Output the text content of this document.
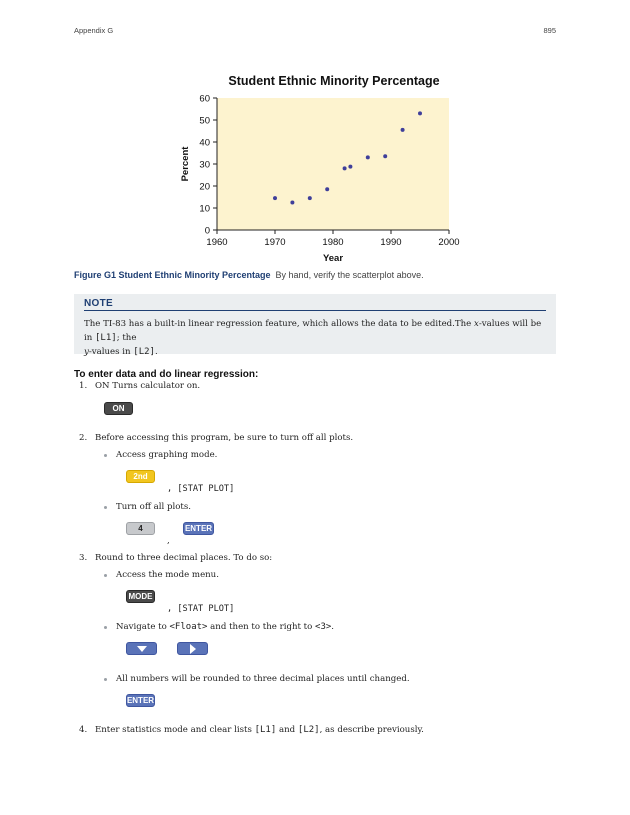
Appendix G	895
Student Ethnic Minority Percentage
1960	1970	1980	1990	2000
0
10
20
30
40
50
60
Year
Percent
Figure G1 Student Ethnic Minority Percentage By hand, verify the scatterplot above.
NOTE
The TI-83 has a built-in linear regression feature, which allows the data to be edited.The x-values will be in [L1]; the
y-values in [L2].
To enter data and do linear regression:
1. ON Turns calculator on.
ON
2. Before accessing this program, be sure to turn off all plots.
Access graphing mode.
2nd
, [STAT PLOT]
Turn off all plots.
4	ENTER
,
3. Round to three decimal places. To do so:
Access the mode menu.
MODE
, [STAT PLOT]
Navigate to <Float> and then to the right to <3>.
All numbers will be rounded to three decimal places until changed.
ENTER
4. Enter statistics mode and clear lists [L1] and [L2], as describe previously.
